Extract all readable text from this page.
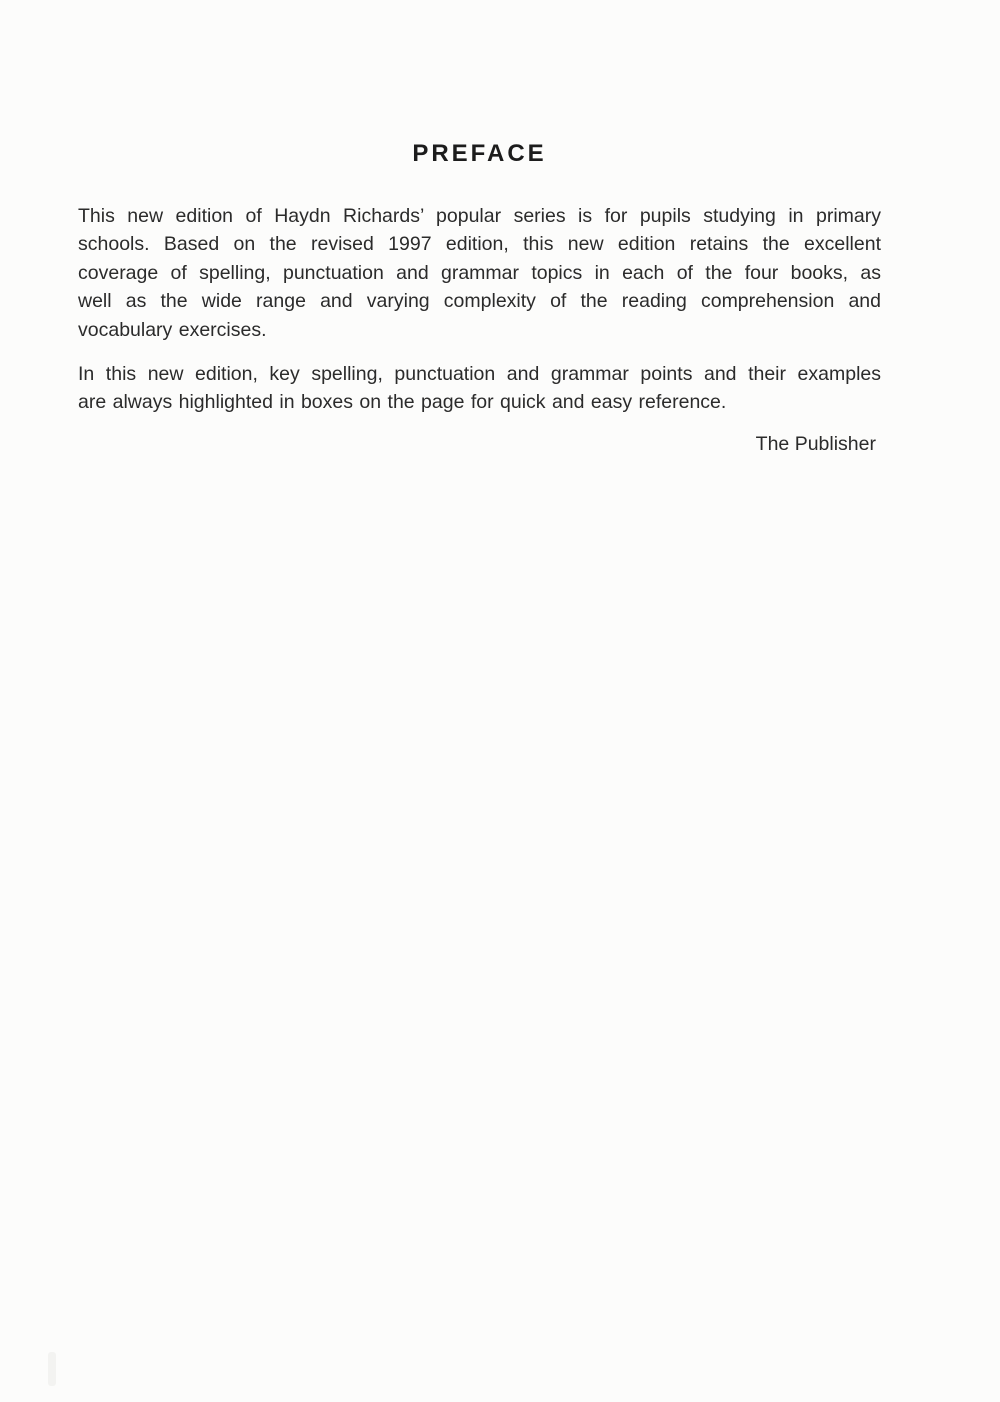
PREFACE
This new edition of Haydn Richards’ popular series is for pupils studying in primary
schools. Based on the revised 1997 edition, this new edition retains the excellent
coverage of spelling, punctuation and grammar topics in each of the four books, as
well as the wide range and varying complexity of the reading comprehension and
vocabulary exercises.
In this new edition, key spelling, punctuation and grammar points and their examples
are always highlighted in boxes on the page for quick and easy reference.
The Publisher
